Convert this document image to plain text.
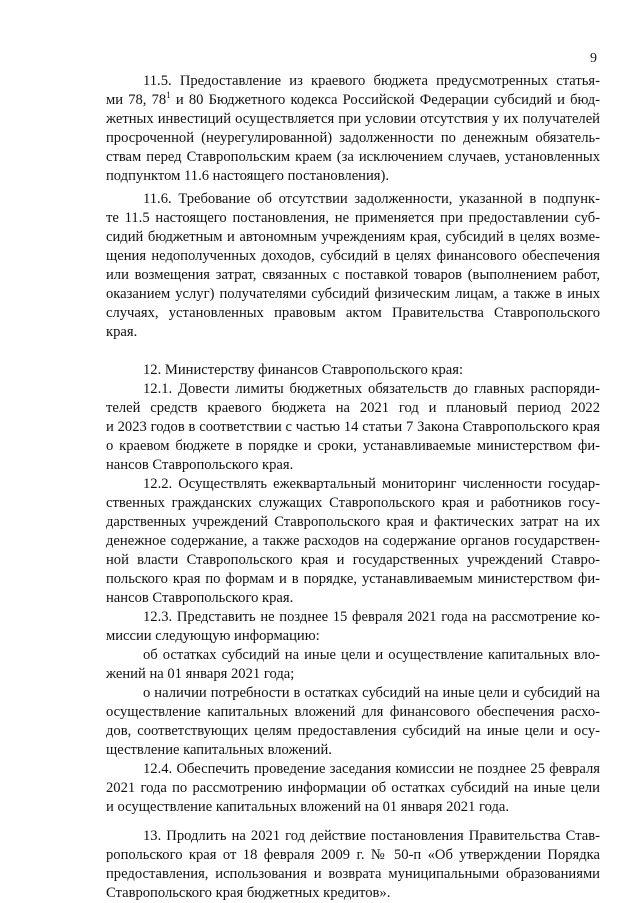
9
11.5. Предоставление из краевого бюджета предусмотренных статья-
ми 78, $78^1$ и 80 Бюджетного кодекса Российской Федерации субсидий и бюд-
жетных инвестиций осуществляется при условии отсутствия у их получателей
просроченной (неурегулированной) задолженности по денежным обязатель-
ствам перед Ставропольским краем (за исключением случаев, установленных
подпунктом 11.6 настоящего постановления).
11.6. Требование об отсутствии задолженности, указанной в подпунк-
те 11.5 настоящего постановления, не применяется при предоставлении суб-
сидий бюджетным и автономным учреждениям края, субсидий в целях возме-
щения недополученных доходов, субсидий в целях финансового обеспечения
или возмещения затрат, связанных с поставкой товаров (выполнением работ,
оказанием услуг) получателями субсидий физическим лицам, а также в иных
случаях, установленных правовым актом Правительства Ставропольского
края.
12. Министерству финансов Ставропольского края:
12.1. Довести лимиты бюджетных обязательств до главных распоряди-
телей средств краевого бюджета на 2021 год и плановый период 2022
и 2023 годов в соответствии с частью 14 статьи 7 Закона Ставропольского края
о краевом бюджете в порядке и сроки, устанавливаемые министерством фи-
нансов Ставропольского края.
12.2. Осуществлять ежеквартальный мониторинг численности государ-
ственных гражданских служащих Ставропольского края и работников госу-
дарственных учреждений Ставропольского края и фактических затрат на их
денежное содержание, а также расходов на содержание органов государствен-
ной власти Ставропольского края и государственных учреждений Ставро-
польского края по формам и в порядке, устанавливаемым министерством фи-
нансов Ставропольского края.
12.3. Представить не позднее 15 февраля 2021 года на рассмотрение ко-
миссии следующую информацию:
об остатках субсидий на иные цели и осуществление капитальных вло-
жений на 01 января 2021 года;
о наличии потребности в остатках субсидий на иные цели и субсидий на
осуществление капитальных вложений для финансового обеспечения расхо-
дов, соответствующих целям предоставления субсидий на иные цели и осу-
ществление капитальных вложений.
12.4. Обеспечить проведение заседания комиссии не позднее 25 февраля
2021 года по рассмотрению информации об остатках субсидий на иные цели
и осуществление капитальных вложений на 01 января 2021 года.
13. Продлить на 2021 год действие постановления Правительства Став-
ропольского края от 18 февраля 2009 г. № 50-п «Об утверждении Порядка
предоставления, использования и возврата муниципальными образованиями
Ставропольского края бюджетных кредитов».
